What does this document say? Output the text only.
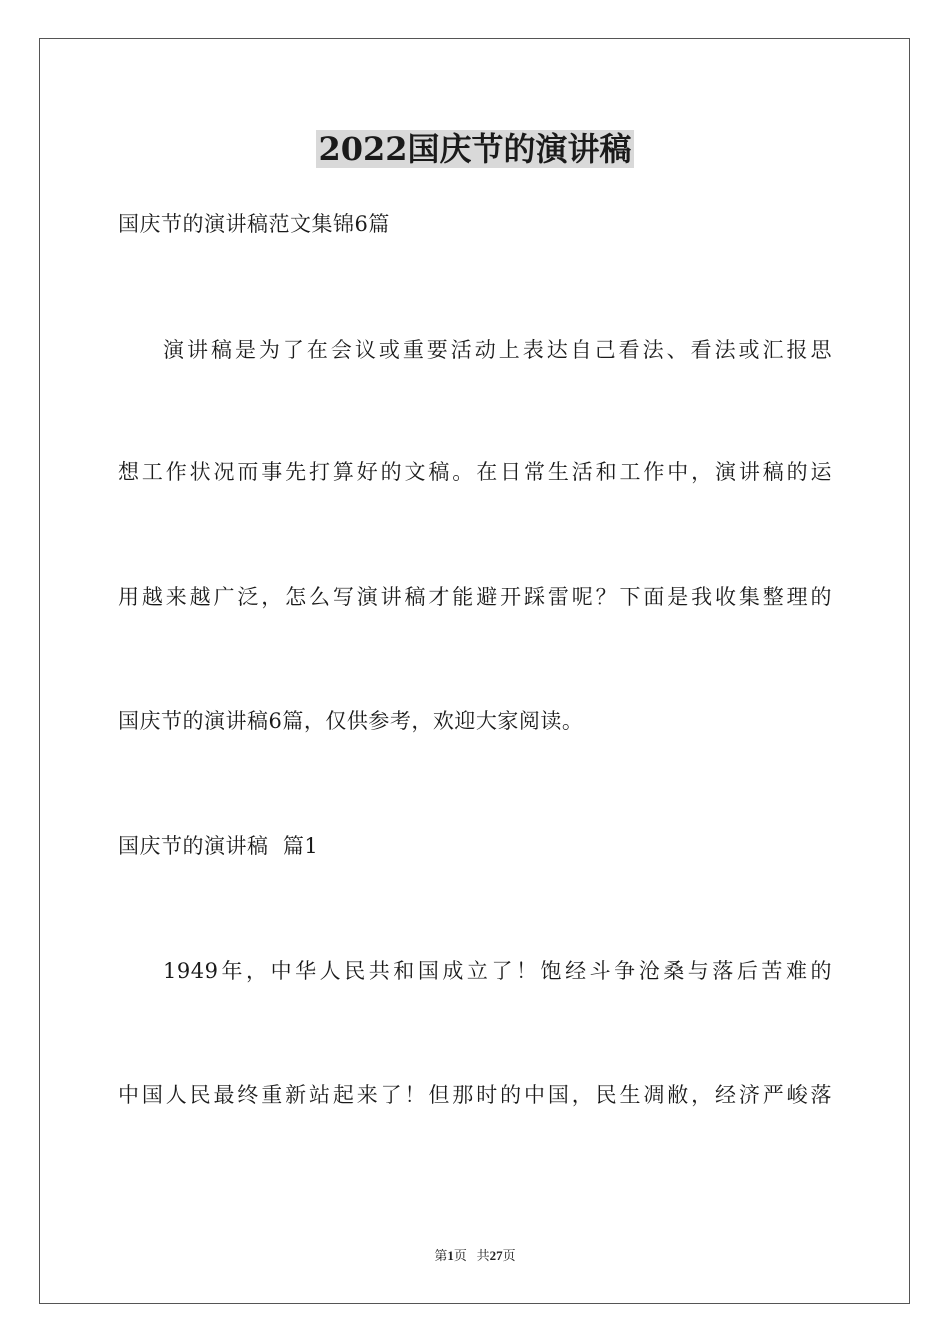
2022国庆节的演讲稿
国庆节的演讲稿范文集锦6篇
演讲稿是为了在会议或重要活动上表达自己看法、看法或汇报思
想工作状况而事先打算好的文稿。在日常生活和工作中，演讲稿的运
用越来越广泛，怎么写演讲稿才能避开踩雷呢？下面是我收集整理的
国庆节的演讲稿6篇，仅供参考，欢迎大家阅读。
国庆节的演讲稿  篇1
1949年，中华人民共和国成立了！饱经斗争沧桑与落后苦难的
中国人民最终重新站起来了！但那时的中国，民生凋敝，经济严峻落
第1页 共27页
